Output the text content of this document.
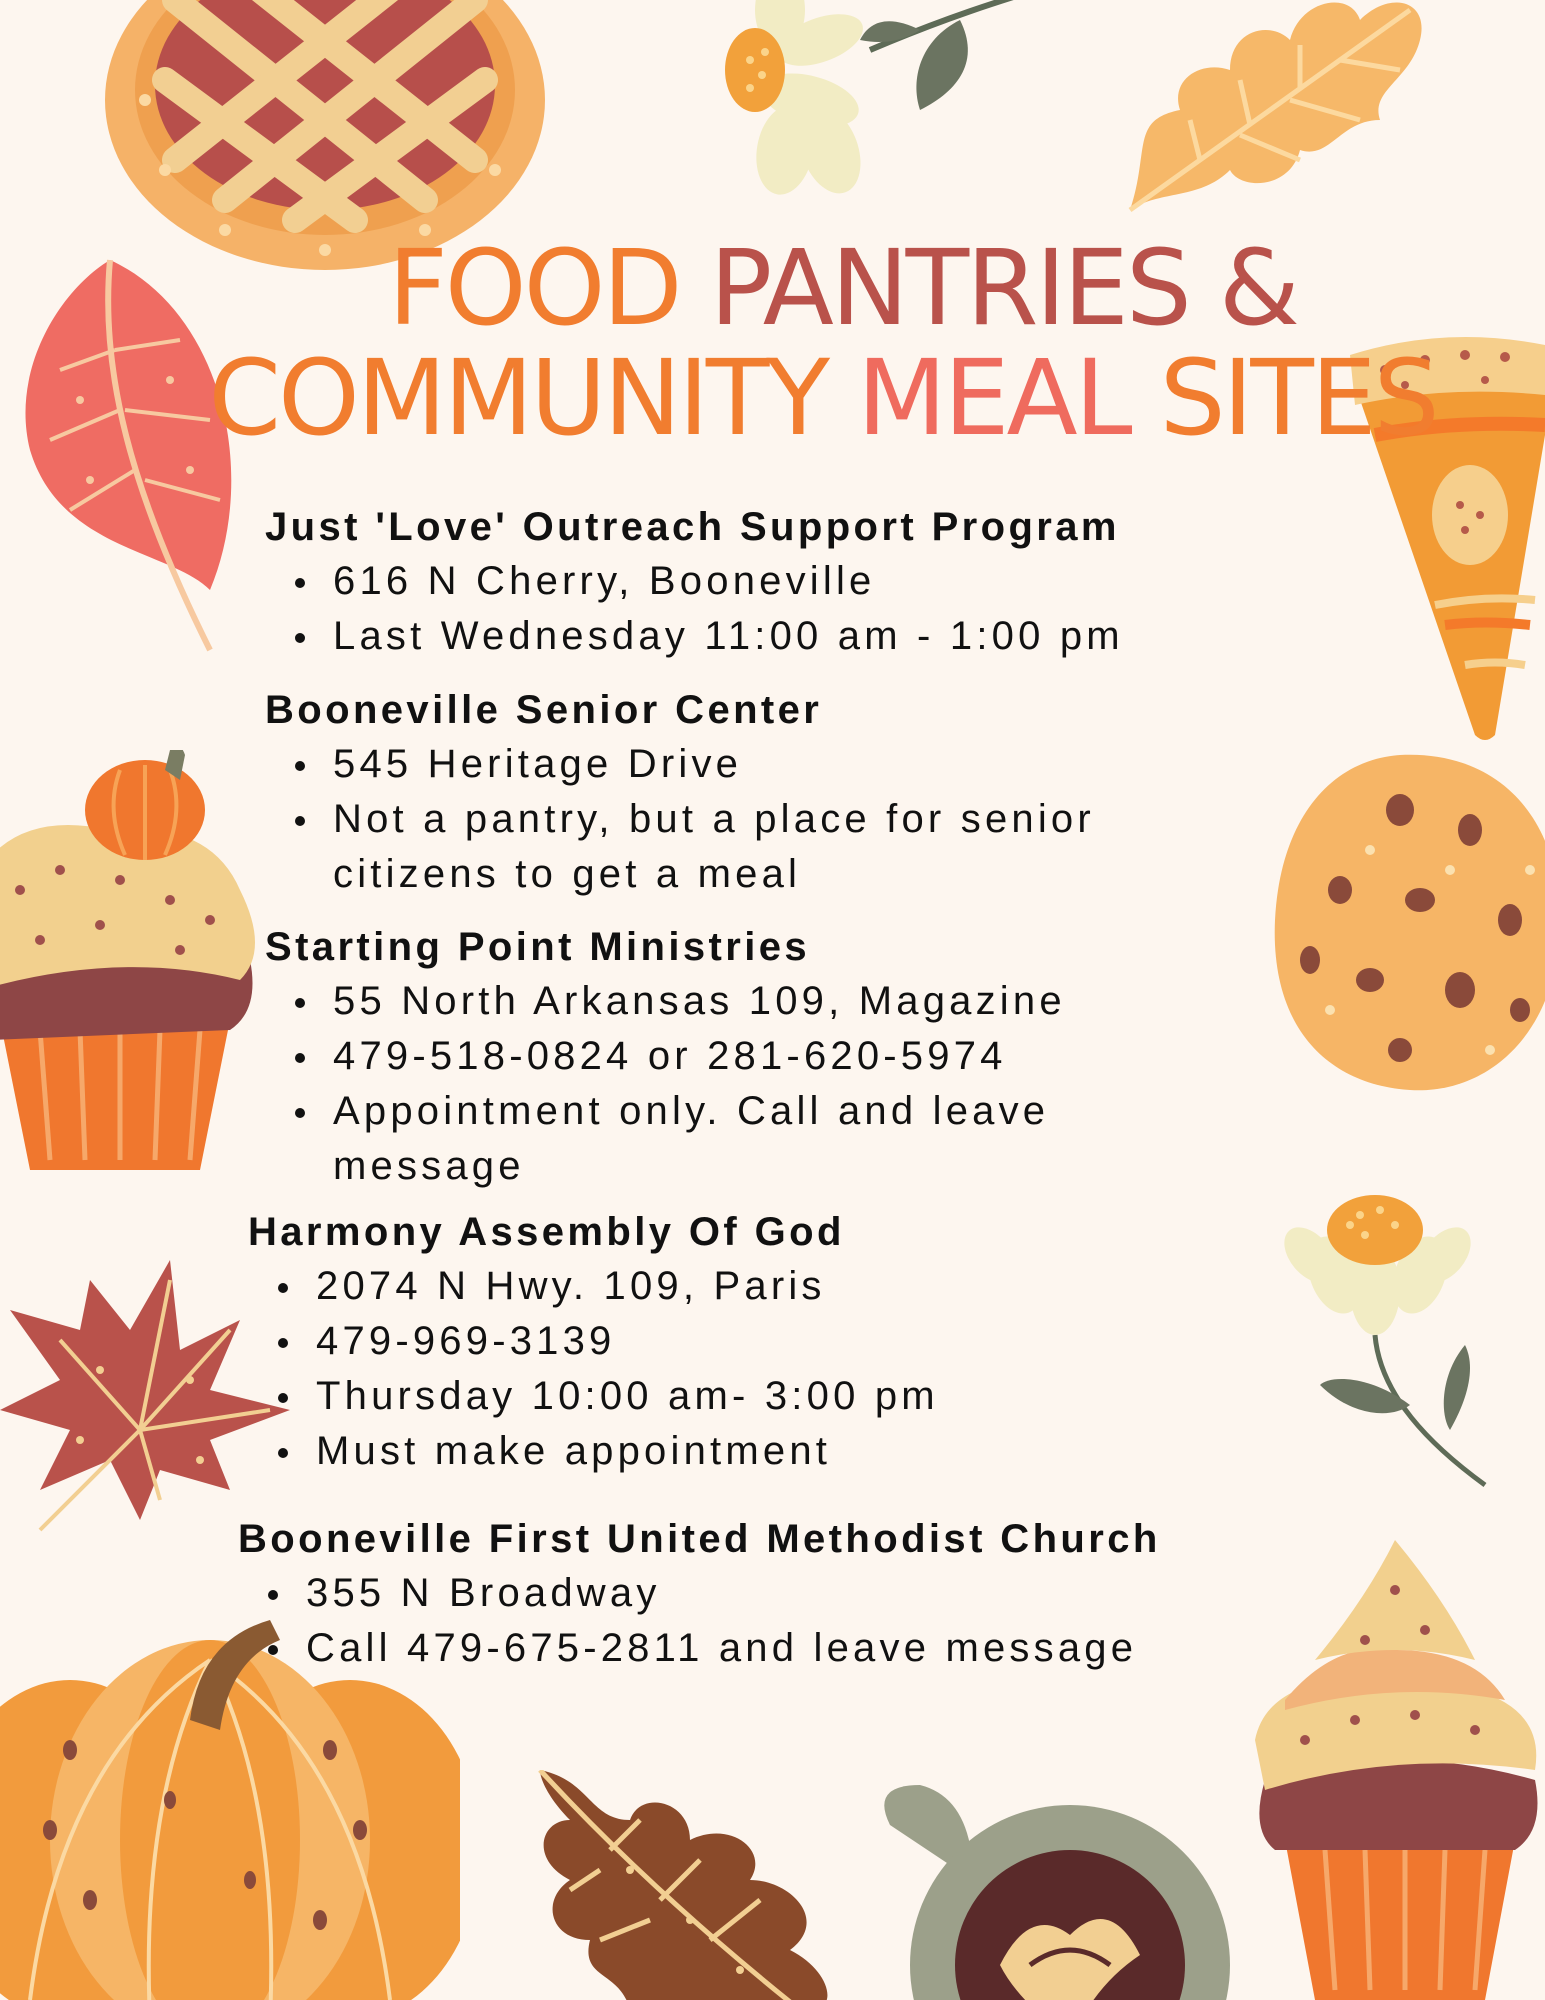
FOOD PANTRIES &
COMMUNITY MEAL SITES
Just 'Love' Outreach Support Program
616 N Cherry, Booneville
Last Wednesday 11:00 am - 1:00 pm
Booneville Senior Center
545 Heritage Drive
Not a pantry, but a place for senior
citizens to get a meal
Starting Point Ministries
55 North Arkansas 109, Magazine
479-518-0824 or 281-620-5974
Appointment only. Call and leave
message
Harmony Assembly Of God
2074 N Hwy. 109, Paris
479-969-3139
Thursday 10:00 am- 3:00 pm
Must make appointment
Booneville First United Methodist Church
355 N Broadway
Call 479-675-2811 and leave message
